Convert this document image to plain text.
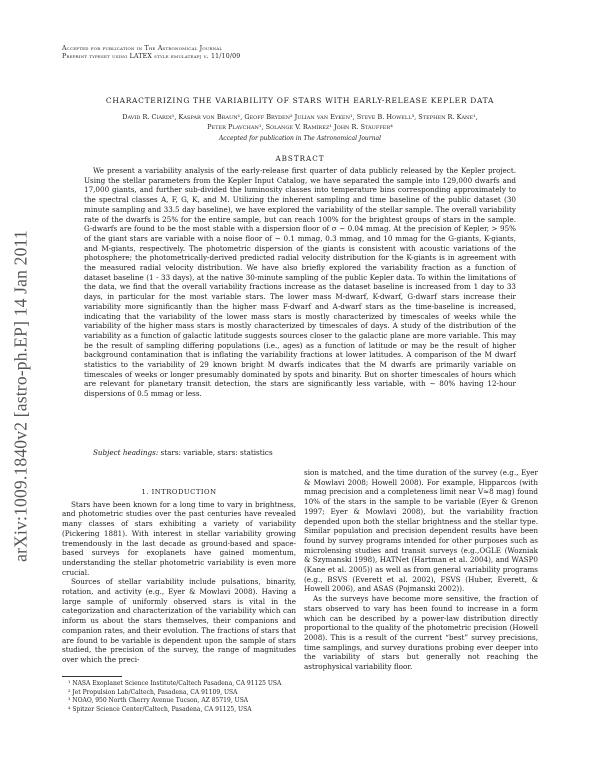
Accepted for publication in The Astronomical Journal
Preprint typeset using LATEX style emulateapj v. 11/10/09
arXiv:1009.1840v2 [astro-ph.EP] 14 Jan 2011
CHARACTERIZING THE VARIABILITY OF STARS WITH EARLY-RELEASE KEPLER DATA
David R. Ciardi¹, Kaspar von Braun¹, Geoff Bryden² Julian van Eyken¹, Steve B. Howell³, Stephen R. Kane¹,
Peter Plavchan¹, Solange V. Ramírez¹ John R. Stauffer⁴
Accepted for publication in The Astronomical Journal
ABSTRACT
We present a variability analysis of the early-release first quarter of data publicly released by the Kepler project. Using the stellar parameters from the Kepler Input Catalog, we have separated the sample into 129,000 dwarfs and 17,000 giants, and further sub-divided the luminosity classes into temperature bins corresponding approximately to the spectral classes A, F, G, K, and M. Utilizing the inherent sampling and time baseline of the public dataset (30 minute sampling and 33.5 day baseline), we have explored the variability of the stellar sample. The overall variability rate of the dwarfs is 25% for the entire sample, but can reach 100% for the brightest groups of stars in the sample. G-dwarfs are found to be the most stable with a dispersion floor of σ ∼ 0.04 mmag. At the precision of Kepler, > 95% of the giant stars are variable with a noise floor of ∼ 0.1 mmag, 0.3 mmag, and 10 mmag for the G-giants, K-giants, and M-giants, respectively. The photometric dispersion of the giants is consistent with acoustic variations of the photosphere; the photometrically-derived predicted radial velocity distribution for the K-giants is in agreement with the measured radial velocity distribution. We have also briefly explored the variability fraction as a function of dataset baseline (1 - 33 days), at the native 30-minute sampling of the public Kepler data. To within the limitations of the data, we find that the overall variability fractions increase as the dataset baseline is increased from 1 day to 33 days, in particular for the most variable stars. The lower mass M-dwarf, K-dwarf, G-dwarf stars increase their variability more significantly than the higher mass F-dwarf and A-dwarf stars as the time-baseline is increased, indicating that the variability of the lower mass stars is mostly characterized by timescales of weeks while the variability of the higher mass stars is mostly characterized by timescales of days. A study of the distribution of the variability as a function of galactic latitude suggests sources closer to the galactic plane are more variable. This may be the result of sampling differing populations (i.e., ages) as a function of latitude or may be the result of higher background contamination that is inflating the variability fractions at lower latitudes. A comparison of the M dwarf statistics to the variability of 29 known bright M dwarfs indicates that the M dwarfs are primarily variable on timescales of weeks or longer presumably dominated by spots and binarity. But on shorter timescales of hours which are relevant for planetary transit detection, the stars are significantly less variable, with ∼ 80% having 12-hour dispersions of 0.5 mmag or less.
Subject headings: stars: variable, stars: statistics
1. INTRODUCTION

Stars have been known for a long time to vary in brightness, and photometric studies over the past centuries have revealed many classes of stars exhibiting a variety of variability (Pickering 1881). With interest in stellar variability growing tremendously in the last decade as ground-based and space-based surveys for exoplanets have gained momentum, understanding the stellar photometric variability is even more crucial.

Sources of stellar variability include pulsations, binarity, rotation, and activity (e.g., Eyer & Mowlavi 2008). Having a large sample of uniformly observed stars is vital in the categorization and characterization of the variability which can inform us about the stars themselves, their companions and companion rates, and their evolution. The fractions of stars that are found to be variable is dependent upon the sample of stars studied, the precision of the survey, the range of magnitudes over which the preci-

¹ NASA Exoplanet Science Institute/Caltech Pasadena, CA 91125 USA
² Jet Propulsion Lab/Caltech, Pasadena, CA 91109, USA
³ NOAO, 950 North Cherry Avenue Tucson, AZ 85719, USA
⁴ Spitzer Science Center/Caltech, Pasadena, CA 91125, USA

sion is matched, and the time duration of the survey (e.g., Eyer & Mowlavi 2008; Howell 2008). For example, Hipparcos (with mmag precision and a completeness limit near V≈8 mag) found 10% of the stars in the sample to be variable (Eyer & Grenon 1997; Eyer & Mowlavi 2008), but the variability fraction depended upon both the stellar brightness and the stellar type. Similar population and precision dependent results have been found by survey programs intended for other purposes such as microlensing studies and transit surveys (e.g.,OGLE (Wozniak & Szymanski 1998), HATNet (Hartman et al. 2004), and WASP0 (Kane et al. 2005)) as well as from general variability programs (e.g., BSVS (Everett et al. 2002), FSVS (Huber, Everett, & Howell 2006), and ASAS (Pojmanski 2002)).

As the surveys have become more sensitive, the fraction of stars observed to vary has been found to increase in a form which can be described by a power-law distribution directly proportional to the quality of the photometric precision (Howell 2008). This is a result of the current “best” survey precisions, time samplings, and survey durations probing ever deeper into the variability of stars but generally not reaching the astrophysical variability floor.
